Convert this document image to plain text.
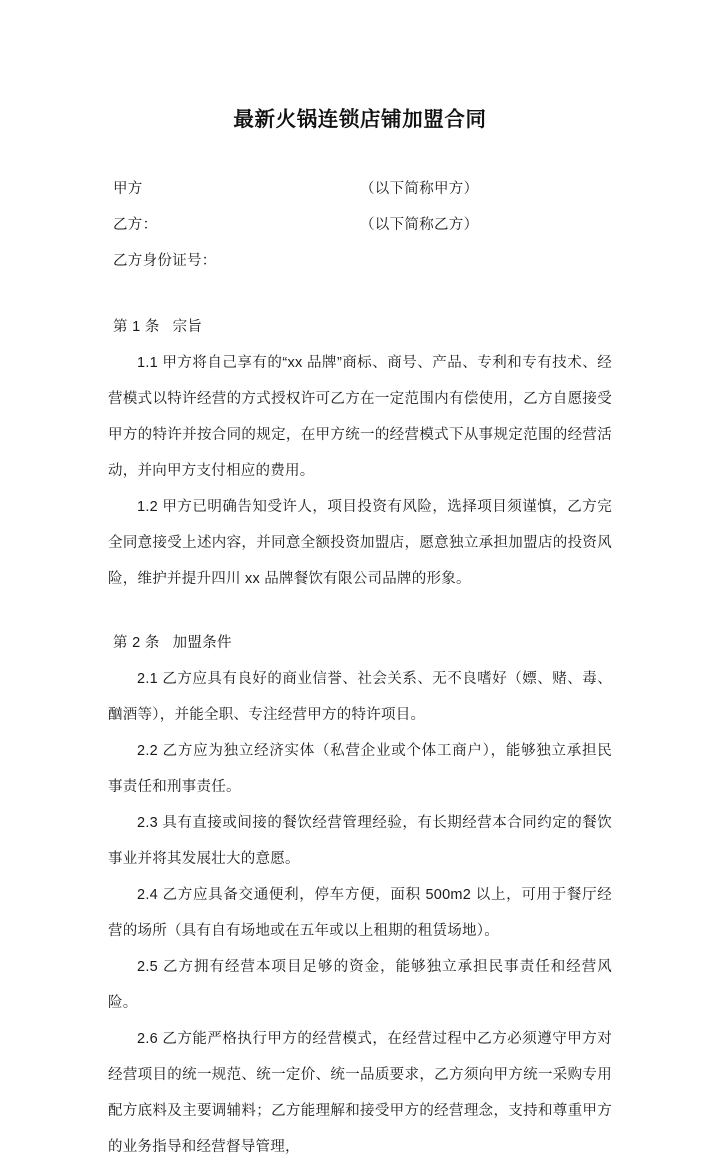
最新火锅连锁店铺加盟合同
甲方	（以下简称甲方）
乙方：	（以下简称乙方）
乙方身份证号：
第 1 条   宗旨

1.1 甲方将自己享有的“xx 品牌”商标、商号、产品、专利和专有技术、经营模式以特许经营的方式授权许可乙方在一定范围内有偿使用，乙方自愿接受甲方的特许并按合同的规定，在甲方统一的经营模式下从事规定范围的经营活动，并向甲方支付相应的费用。

1.2 甲方已明确告知受许人，项目投资有风险，选择项目须谨慎，乙方完全同意接受上述内容，并同意全额投资加盟店，愿意独立承担加盟店的投资风险，维护并提升四川 xx 品牌餐饮有限公司品牌的形象。

第 2 条   加盟条件

2.1 乙方应具有良好的商业信誉、社会关系、无不良嗜好（嫖、赌、毒、酗酒等），并能全职、专注经营甲方的特许项目。

2.2 乙方应为独立经济实体（私营企业或个体工商户），能够独立承担民事责任和刑事责任。

2.3 具有直接或间接的餐饮经营管理经验，有长期经营本合同约定的餐饮事业并将其发展壮大的意愿。

2.4 乙方应具备交通便利，停车方便，面积 500m2 以上，可用于餐厅经营的场所（具有自有场地或在五年或以上租期的租赁场地）。

2.5 乙方拥有经营本项目足够的资金，能够独立承担民事责任和经营风险。

2.6 乙方能严格执行甲方的经营模式，在经营过程中乙方必须遵守甲方对经营项目的统一规范、统一定价、统一品质要求，乙方须向甲方统一采购专用配方底料及主要调辅料；乙方能理解和接受甲方的经营理念，支持和尊重甲方的业务指导和经营督导管理，
